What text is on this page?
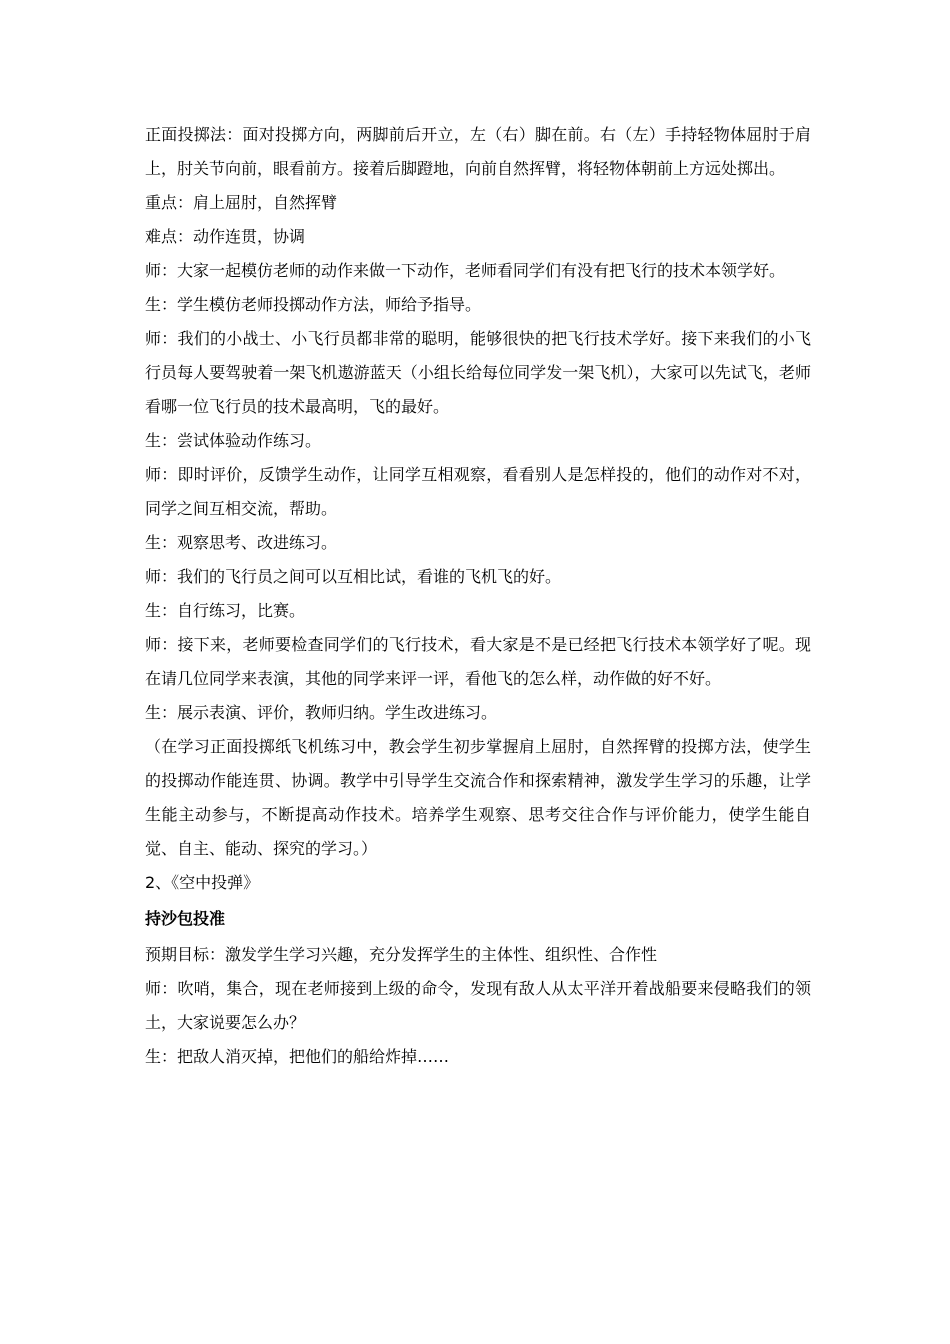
正面投掷法：面对投掷方向，两脚前后开立，左（右）脚在前。右（左）手持轻物体屈肘于肩上，肘关节向前，眼看前方。接着后脚蹬地，向前自然挥臂，将轻物体朝前上方远处掷出。

重点：肩上屈肘，自然挥臂

难点：动作连贯，协调

师：大家一起模仿老师的动作来做一下动作，老师看同学们有没有把飞行的技术本领学好。

生：学生模仿老师投掷动作方法，师给予指导。

师：我们的小战士、小飞行员都非常的聪明，能够很快的把飞行技术学好。接下来我们的小飞行员每人要驾驶着一架飞机遨游蓝天（小组长给每位同学发一架飞机），大家可以先试飞，老师看哪一位飞行员的技术最高明，飞的最好。

生：尝试体验动作练习。

师：即时评价，反馈学生动作，让同学互相观察，看看别人是怎样投的，他们的动作对不对，同学之间互相交流，帮助。

生：观察思考、改进练习。

师：我们的飞行员之间可以互相比试，看谁的飞机飞的好。

生：自行练习，比赛。

师：接下来，老师要检查同学们的飞行技术，看大家是不是已经把飞行技术本领学好了呢。现在请几位同学来表演，其他的同学来评一评，看他飞的怎么样，动作做的好不好。

生：展示表演、评价，教师归纳。学生改进练习。

（在学习正面投掷纸飞机练习中，教会学生初步掌握肩上屈肘，自然挥臂的投掷方法，使学生的投掷动作能连贯、协调。教学中引导学生交流合作和探索精神，激发学生学习的乐趣，让学生能主动参与，不断提高动作技术。培养学生观察、思考交往合作与评价能力，使学生能自觉、自主、能动、探究的学习。）

2、《空中投弹》

持沙包投准

预期目标：激发学生学习兴趣，充分发挥学生的主体性、组织性、合作性

师：吹哨，集合，现在老师接到上级的命令，发现有敌人从太平洋开着战船要来侵略我们的领土，大家说要怎么办？

生：把敌人消灭掉，把他们的船给炸掉……
